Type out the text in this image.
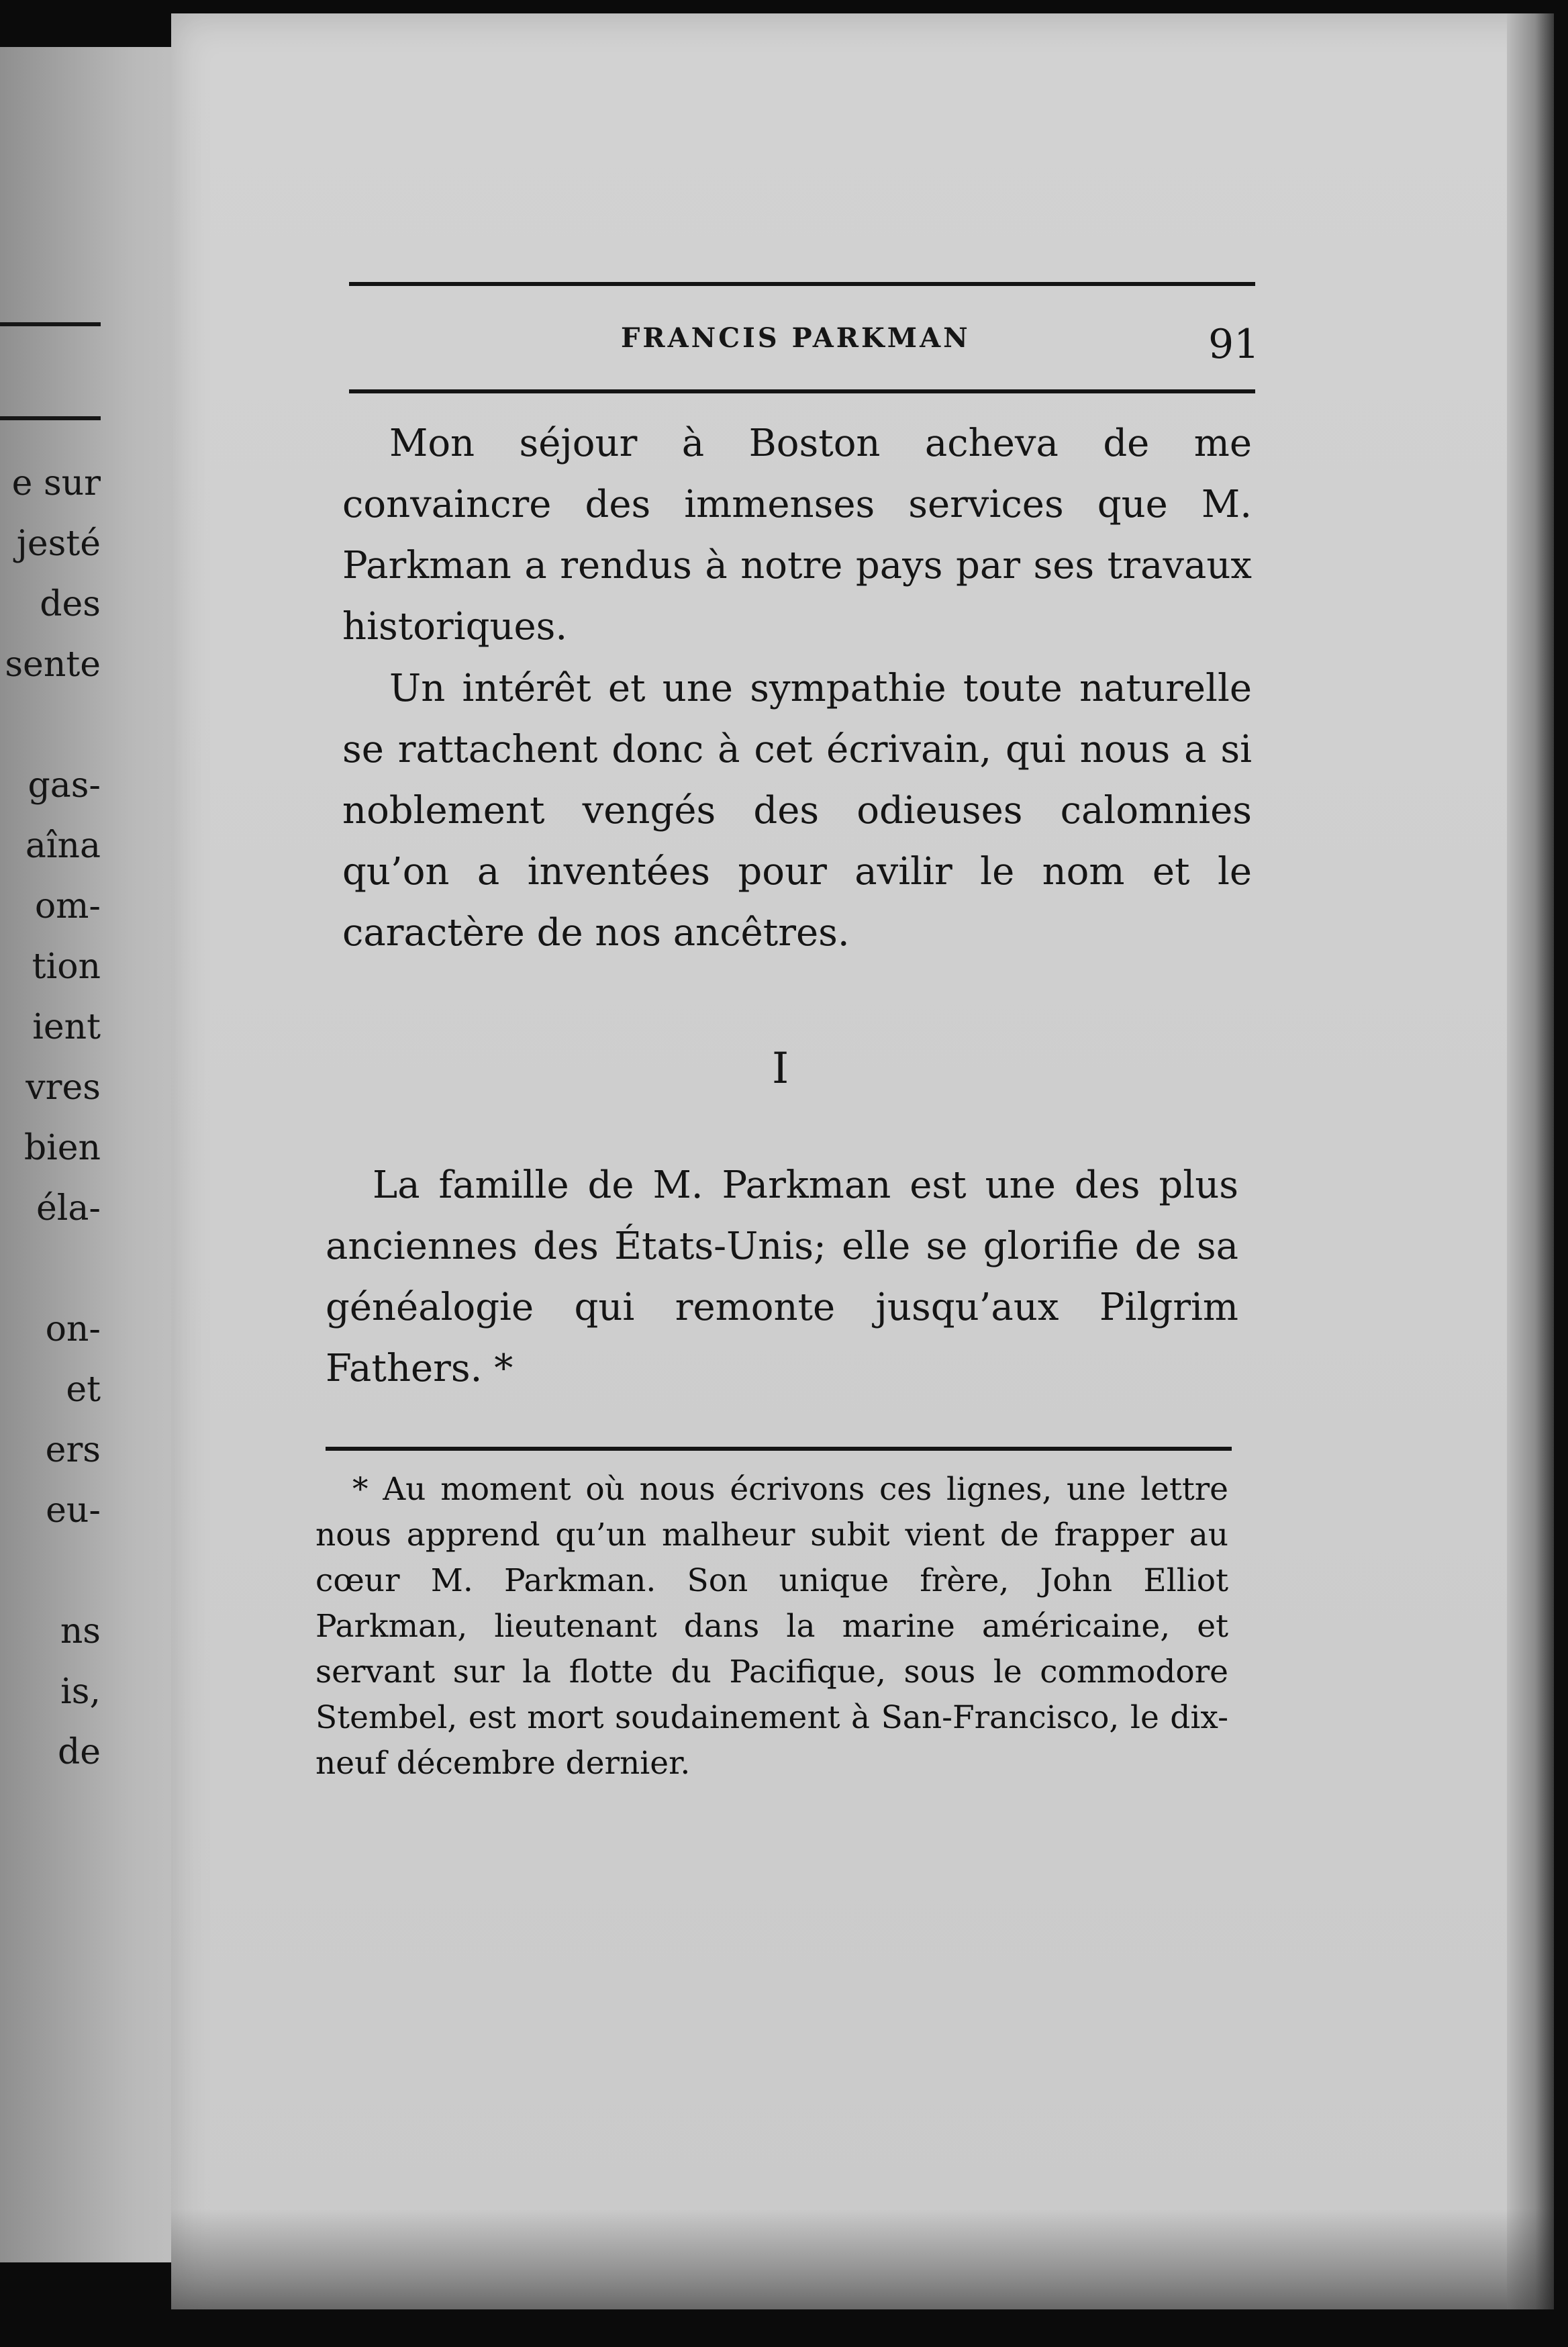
e sur
jesté
des
sente
gas-
aîna
om-
tion
ient
vres
bien
éla-
on-
et
ers
eu-
ns
is,
de
FRANCIS PARKMAN	91

Mon séjour à Boston acheva de me convaincre des immenses services que M. Parkman a rendus à notre pays par ses travaux historiques.

Un intérêt et une sympathie toute naturelle se rattachent donc à cet écrivain, qui nous a si noblement vengés des odieuses calomnies qu’on a inventées pour avilir le nom et le caractère de nos ancêtres.

I

La famille de M. Parkman est une des plus anciennes des États-Unis; elle se glorifie de sa généalogie qui remonte jusqu’aux Pilgrim Fathers. *

* Au moment où nous écrivons ces lignes, une lettre nous apprend qu’un malheur subit vient de frapper au cœur M. Parkman. Son unique frère, John Elliot Parkman, lieutenant dans la marine américaine, et servant sur la flotte du Pacifique, sous le commodore Stembel, est mort soudainement à San-Francisco, le dix-neuf décembre dernier.
